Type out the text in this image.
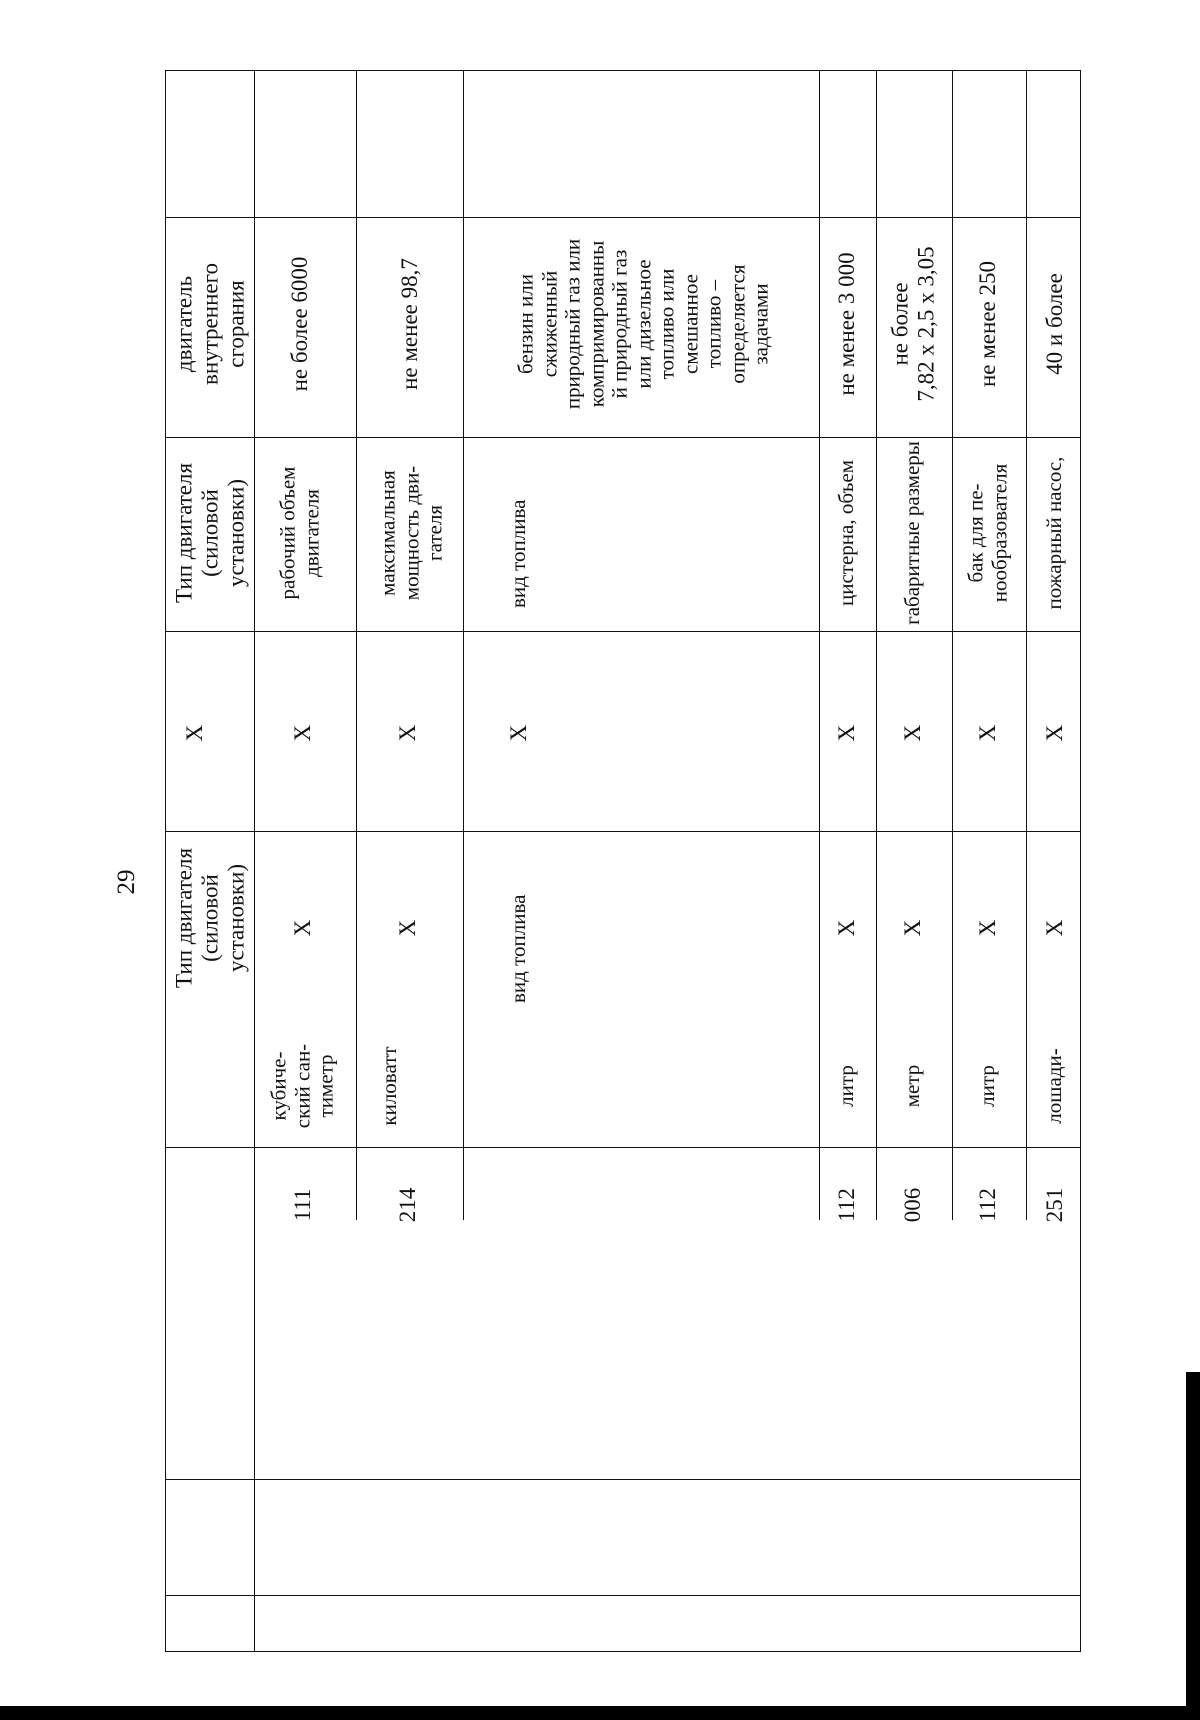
29
двигатель внутреннего сгорания
Тип двигателя (силовой установки)
X
Тип двигателя (силовой установки)
не более 6000
рабочий объем двигателя
X
X
кубиче-
ский сан-
тиметр
111
не менее 98,7
максимальная мощность дви-
гателя
X
X
киловатт
214
бензин или
сжиженный
природный газ или
компримированны
й природный газ
или дизельное
топливо или
смешанное
топливо –
определяется
задачами
вид топлива
X
вид топлива
не менее 3 000
цистерна, объем
X
X
литр
112
не более
7,82 х 2,5 х 3,05
габаритные размеры
X
X
метр
006
не менее 250
бак для пе-
нообразователя
X
X
литр
112
40 и более
пожарный насос,
X
X
лошади-
251
